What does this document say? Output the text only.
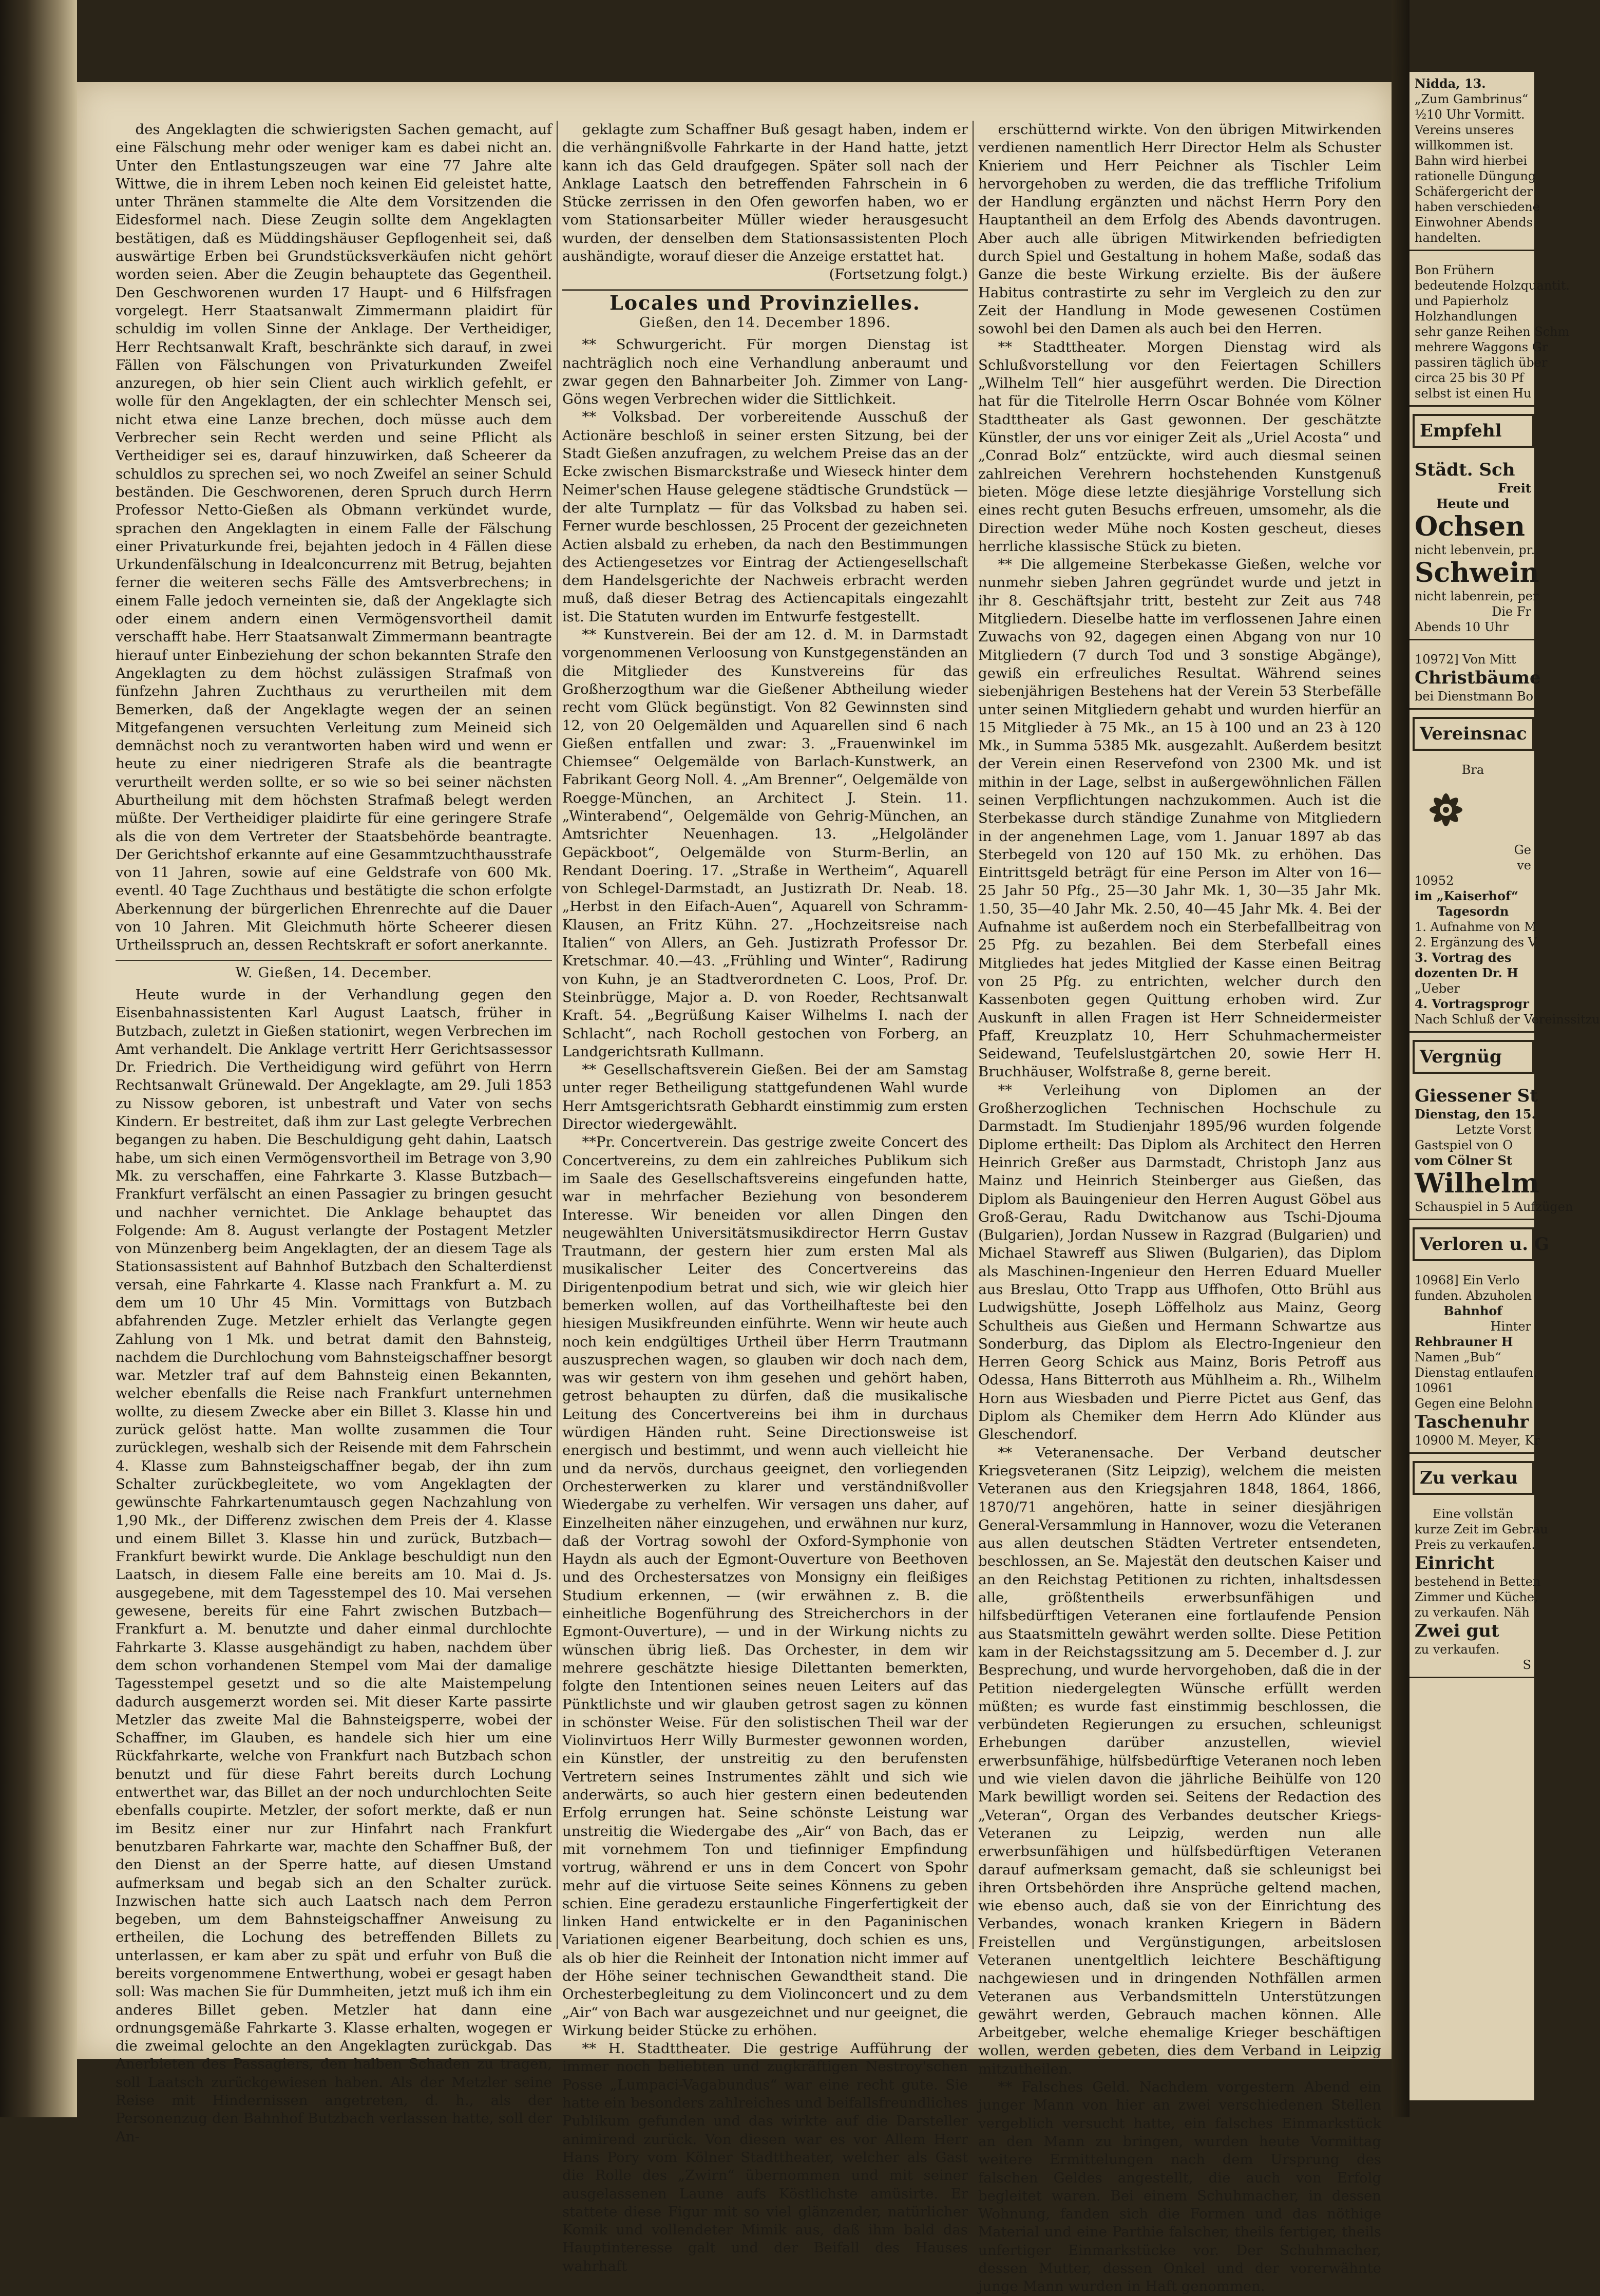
des Angeklagten die schwierigsten Sachen gemacht, auf eine Fälschung mehr oder weniger kam es dabei nicht an. Unter den Entlastungszeugen war eine 77 Jahre alte Wittwe, die in ihrem Leben noch keinen Eid geleistet hatte, unter Thränen stammelte die Alte dem Vorsitzenden die Eidesformel nach. Diese Zeugin sollte dem Angeklagten bestätigen, daß es Müddingshäuser Gepflogenheit sei, daß auswärtige Erben bei Grundstücksverkäufen nicht gehört worden seien. Aber die Zeugin behauptete das Gegentheil. Den Geschworenen wurden 17 Haupt- und 6 Hilfsfragen vorgelegt. Herr Staatsanwalt Zimmermann plaidirt für schuldig im vollen Sinne der Anklage. Der Vertheidiger, Herr Rechtsanwalt Kraft, beschränkte sich darauf, in zwei Fällen von Fälschungen von Privaturkunden Zweifel anzuregen, ob hier sein Client auch wirklich gefehlt, er wolle für den Angeklagten, der ein schlechter Mensch sei, nicht etwa eine Lanze brechen, doch müsse auch dem Verbrecher sein Recht werden und seine Pflicht als Vertheidiger sei es, darauf hinzuwirken, daß Scheerer da schuldlos zu sprechen sei, wo noch Zweifel an seiner Schuld beständen. Die Geschworenen, deren Spruch durch Herrn Professor Netto-Gießen als Obmann verkündet wurde, sprachen den Angeklagten in einem Falle der Fälschung einer Privaturkunde frei, bejahten jedoch in 4 Fällen diese Urkundenfälschung in Idealconcurrenz mit Betrug, bejahten ferner die weiteren sechs Fälle des Amtsverbrechens; in einem Falle jedoch verneinten sie, daß der Angeklagte sich oder einem andern einen Vermögensvortheil damit verschafft habe. Herr Staatsanwalt Zimmermann beantragte hierauf unter Einbeziehung der schon bekannten Strafe den Angeklagten zu dem höchst zulässigen Strafmaß von fünfzehn Jahren Zuchthaus zu verurtheilen mit dem Bemerken, daß der Angeklagte wegen der an seinen Mitgefangenen versuchten Verleitung zum Meineid sich demnächst noch zu verantworten haben wird und wenn er heute zu einer niedrigeren Strafe als die beantragte verurtheilt werden sollte, er so wie so bei seiner nächsten Aburtheilung mit dem höchsten Strafmaß belegt werden müßte. Der Vertheidiger plaidirte für eine geringere Strafe als die von dem Vertreter der Staatsbehörde beantragte. Der Gerichtshof erkannte auf eine Gesammtzuchthausstrafe von 11 Jahren, sowie auf eine Geldstrafe von 600 Mk. eventl. 40 Tage Zuchthaus und bestätigte die schon erfolgte Aberkennung der bürgerlichen Ehrenrechte auf die Dauer von 10 Jahren. Mit Gleichmuth hörte Scheerer diesen Urtheilsspruch an, dessen Rechtskraft er sofort anerkannte.

W. Gießen, 14. December.

Heute wurde in der Verhandlung gegen den Eisenbahnassistenten Karl August Laatsch, früher in Butzbach, zuletzt in Gießen stationirt, wegen Verbrechen im Amt verhandelt. Die Anklage vertritt Herr Gerichtsassessor Dr. Friedrich. Die Vertheidigung wird geführt von Herrn Rechtsanwalt Grünewald. Der Angeklagte, am 29. Juli 1853 zu Nissow geboren, ist unbestraft und Vater von sechs Kindern. Er bestreitet, daß ihm zur Last gelegte Verbrechen begangen zu haben. Die Beschuldigung geht dahin, Laatsch habe, um sich einen Vermögensvortheil im Betrage von 3,90 Mk. zu verschaffen, eine Fahrkarte 3. Klasse Butzbach—Frankfurt verfälscht an einen Passagier zu bringen gesucht und nachher vernichtet. Die Anklage behauptet das Folgende: Am 8. August verlangte der Postagent Metzler von Münzenberg beim Angeklagten, der an diesem Tage als Stationsassistent auf Bahnhof Butzbach den Schalterdienst versah, eine Fahrkarte 4. Klasse nach Frankfurt a. M. zu dem um 10 Uhr 45 Min. Vormittags von Butzbach abfahrenden Zuge. Metzler erhielt das Verlangte gegen Zahlung von 1 Mk. und betrat damit den Bahnsteig, nachdem die Durchlochung vom Bahnsteigschaffner besorgt war. Metzler traf auf dem Bahnsteig einen Bekannten, welcher ebenfalls die Reise nach Frankfurt unternehmen wollte, zu diesem Zwecke aber ein Billet 3. Klasse hin und zurück gelöst hatte. Man wollte zusammen die Tour zurücklegen, weshalb sich der Reisende mit dem Fahrschein 4. Klasse zum Bahnsteigschaffner begab, der ihn zum Schalter zurückbegleitete, wo vom Angeklagten der gewünschte Fahrkartenumtausch gegen Nachzahlung von 1,90 Mk., der Differenz zwischen dem Preis der 4. Klasse und einem Billet 3. Klasse hin und zurück, Butzbach—Frankfurt bewirkt wurde. Die Anklage beschuldigt nun den Laatsch, in diesem Falle eine bereits am 10. Mai d. Js. ausgegebene, mit dem Tagesstempel des 10. Mai versehen gewesene, bereits für eine Fahrt zwischen Butzbach—Frankfurt a. M. benutzte und daher einmal durchlochte Fahrkarte 3. Klasse ausgehändigt zu haben, nachdem über dem schon vorhandenen Stempel vom Mai der damalige Tagesstempel gesetzt und so die alte Maistempelung dadurch ausgemerzt worden sei. Mit dieser Karte passirte Metzler das zweite Mal die Bahnsteigsperre, wobei der Schaffner, im Glauben, es handele sich hier um eine Rückfahrkarte, welche von Frankfurt nach Butzbach schon benutzt und für diese Fahrt bereits durch Lochung entwerthet war, das Billet an der noch undurchlochten Seite ebenfalls coupirte. Metzler, der sofort merkte, daß er nun im Besitz einer nur zur Hinfahrt nach Frankfurt benutzbaren Fahrkarte war, machte den Schaffner Buß, der den Dienst an der Sperre hatte, auf diesen Umstand aufmerksam und begab sich an den Schalter zurück. Inzwischen hatte sich auch Laatsch nach dem Perron begeben, um dem Bahnsteigschaffner Anweisung zu ertheilen, die Lochung des betreffenden Billets zu unterlassen, er kam aber zu spät und erfuhr von Buß die bereits vorgenommene Entwerthung, wobei er gesagt haben soll: Was machen Sie für Dummheiten, jetzt muß ich ihm ein anderes Billet geben. Metzler hat dann eine ordnungsgemäße Fahrkarte 3. Klasse erhalten, wogegen er die zweimal gelochte an den Angeklagten zurückgab. Das Anerbieten des Passagiers, den halben Schaden zu tragen, soll Laatsch zurückgewiesen haben. Als der Metzler seine Reise mit Hindernissen angetreten, d. h., als der Personenzug den Bahnhof Butzbach verlassen hatte, soll der An-

geklagte zum Schaffner Buß gesagt haben, indem er die verhängnißvolle Fahrkarte in der Hand hatte, jetzt kann ich das Geld draufgegen. Später soll nach der Anklage Laatsch den betreffenden Fahrschein in 6 Stücke zerrissen in den Ofen geworfen haben, wo er vom Stationsarbeiter Müller wieder herausgesucht wurden, der denselben dem Stationsassistenten Ploch aushändigte, worauf dieser die Anzeige erstattet hat.

(Fortsetzung folgt.)

Locales und Provinzielles.

Gießen, den 14. December 1896.

** Schwurgericht. Für morgen Dienstag ist nachträglich noch eine Verhandlung anberaumt und zwar gegen den Bahnarbeiter Joh. Zimmer von Lang-Göns wegen Verbrechen wider die Sittlichkeit.

** Volksbad. Der vorbereitende Ausschuß der Actionäre beschloß in seiner ersten Sitzung, bei der Stadt Gießen anzufragen, zu welchem Preise das an der Ecke zwischen Bismarckstraße und Wieseck hinter dem Neimer'schen Hause gelegene städtische Grundstück — der alte Turnplatz — für das Volksbad zu haben sei. Ferner wurde beschlossen, 25 Procent der gezeichneten Actien alsbald zu erheben, da nach den Bestimmungen des Actiengesetzes vor Eintrag der Actiengesellschaft dem Handelsgerichte der Nachweis erbracht werden muß, daß dieser Betrag des Actiencapitals eingezahlt ist. Die Statuten wurden im Entwurfe festgestellt.

** Kunstverein. Bei der am 12. d. M. in Darmstadt vorgenommenen Verloosung von Kunstgegenständen an die Mitglieder des Kunstvereins für das Großherzogthum war die Gießener Abtheilung wieder recht vom Glück begünstigt. Von 82 Gewinnsten sind 12, von 20 Oelgemälden und Aquarellen sind 6 nach Gießen entfallen und zwar: 3. „Frauenwinkel im Chiemsee“ Oelgemälde von Barlach-Kunstwerk, an Fabrikant Georg Noll. 4. „Am Brenner“, Oelgemälde von Roegge-München, an Architect J. Stein. 11. „Winterabend“, Oelgemälde von Gehrig-München, an Amtsrichter Neuenhagen. 13. „Helgoländer Gepäckboot“, Oelgemälde von Sturm-Berlin, an Rendant Doering. 17. „Straße in Wertheim“, Aquarell von Schlegel-Darmstadt, an Justizrath Dr. Neab. 18. „Herbst in den Eifach-Auen“, Aquarell von Schramm-Klausen, an Fritz Kühn. 27. „Hochzeitsreise nach Italien“ von Allers, an Geh. Justizrath Professor Dr. Kretschmar. 40.—43. „Frühling und Winter“, Radirung von Kuhn, je an Stadtverordneten C. Loos, Prof. Dr. Steinbrügge, Major a. D. von Roeder, Rechtsanwalt Kraft. 54. „Begrüßung Kaiser Wilhelms I. nach der Schlacht“, nach Rocholl gestochen von Forberg, an Landgerichtsrath Kullmann.

** Gesellschaftsverein Gießen. Bei der am Samstag unter reger Betheiligung stattgefundenen Wahl wurde Herr Amtsgerichtsrath Gebhardt einstimmig zum ersten Director wiedergewählt.

**Pr. Concertverein. Das gestrige zweite Concert des Concertvereins, zu dem ein zahlreiches Publikum sich im Saale des Gesellschaftsvereins eingefunden hatte, war in mehrfacher Beziehung von besonderem Interesse. Wir beneiden vor allen Dingen den neugewählten Universitätsmusikdirector Herrn Gustav Trautmann, der gestern hier zum ersten Mal als musikalischer Leiter des Concertvereins das Dirigentenpodium betrat und sich, wie wir gleich hier bemerken wollen, auf das Vortheilhafteste bei den hiesigen Musikfreunden einführte. Wenn wir heute auch noch kein endgültiges Urtheil über Herrn Trautmann auszusprechen wagen, so glauben wir doch nach dem, was wir gestern von ihm gesehen und gehört haben, getrost behaupten zu dürfen, daß die musikalische Leitung des Concertvereins bei ihm in durchaus würdigen Händen ruht. Seine Directionsweise ist energisch und bestimmt, und wenn auch vielleicht hie und da nervös, durchaus geeignet, den vorliegenden Orchesterwerken zu klarer und verständnißvoller Wiedergabe zu verhelfen. Wir versagen uns daher, auf Einzelheiten näher einzugehen, und erwähnen nur kurz, daß der Vortrag sowohl der Oxford-Symphonie von Haydn als auch der Egmont-Ouverture von Beethoven und des Orchestersatzes von Monsigny ein fleißiges Studium erkennen, — (wir erwähnen z. B. die einheitliche Bogenführung des Streicherchors in der Egmont-Ouverture), — und in der Wirkung nichts zu wünschen übrig ließ. Das Orchester, in dem wir mehrere geschätzte hiesige Dilettanten bemerkten, folgte den Intentionen seines neuen Leiters auf das Pünktlichste und wir glauben getrost sagen zu können in schönster Weise. Für den solistischen Theil war der Violinvirtuos Herr Willy Burmester gewonnen worden, ein Künstler, der unstreitig zu den berufensten Vertretern seines Instrumentes zählt und sich wie anderwärts, so auch hier gestern einen bedeutenden Erfolg errungen hat. Seine schönste Leistung war unstreitig die Wiedergabe des „Air“ von Bach, das er mit vornehmem Ton und tiefinniger Empfindung vortrug, während er uns in dem Concert von Spohr mehr auf die virtuose Seite seines Könnens zu geben schien. Eine geradezu erstaunliche Fingerfertigkeit der linken Hand entwickelte er in den Paganinischen Variationen eigener Bearbeitung, doch schien es uns, als ob hier die Reinheit der Intonation nicht immer auf der Höhe seiner technischen Gewandtheit stand. Die Orchesterbegleitung zu dem Violinconcert und zu dem „Air“ von Bach war ausgezeichnet und nur geeignet, die Wirkung beider Stücke zu erhöhen.

** H. Stadttheater. Die gestrige Aufführung der immer noch beliebten und zugkräftigen Nestroy'schen Posse „Lumpaci-Vagabundus“ war eine recht gute. Sie hatte ein besonders zahlreiches und beifallsfreundliches Publikum gefunden und das wirkte auf die Darsteller animirend zurück. Von diesen war es vor Allem Herr Hans Pory vom Kölner Stadttheater, welcher als Gast die Rolle des „Zwirn“ übernommen und mit seiner ausgelassenen Laune aufs Köstlichste amüsirte. Er stattete diese Figur mit so viel glänzender, natürlicher Komik und vollendeter Mimik aus, daß ihm bald das Hauptinteresse galt und der Beifall des Hauses wahrhaft

erschütternd wirkte. Von den übrigen Mitwirkenden verdienen namentlich Herr Director Helm als Schuster Knieriem und Herr Peichner als Tischler Leim hervorgehoben zu werden, die das treffliche Trifolium der Handlung ergänzten und nächst Herrn Pory den Hauptantheil an dem Erfolg des Abends davontrugen. Aber auch alle übrigen Mitwirkenden befriedigten durch Spiel und Gestaltung in hohem Maße, sodaß das Ganze die beste Wirkung erzielte. Bis der äußere Habitus contrastirte zu sehr im Vergleich zu den zur Zeit der Handlung in Mode gewesenen Costümen sowohl bei den Damen als auch bei den Herren.

** Stadttheater. Morgen Dienstag wird als Schlußvorstellung vor den Feiertagen Schillers „Wilhelm Tell“ hier ausgeführt werden. Die Direction hat für die Titelrolle Herrn Oscar Bohnée vom Kölner Stadttheater als Gast gewonnen. Der geschätzte Künstler, der uns vor einiger Zeit als „Uriel Acosta“ und „Conrad Bolz“ entzückte, wird auch diesmal seinen zahlreichen Verehrern hochstehenden Kunstgenuß bieten. Möge diese letzte diesjährige Vorstellung sich eines recht guten Besuchs erfreuen, umsomehr, als die Direction weder Mühe noch Kosten gescheut, dieses herrliche klassische Stück zu bieten.

** Die allgemeine Sterbekasse Gießen, welche vor nunmehr sieben Jahren gegründet wurde und jetzt in ihr 8. Geschäftsjahr tritt, besteht zur Zeit aus 748 Mitgliedern. Dieselbe hatte im verflossenen Jahre einen Zuwachs von 92, dagegen einen Abgang von nur 10 Mitgliedern (7 durch Tod und 3 sonstige Abgänge), gewiß ein erfreuliches Resultat. Während seines siebenjährigen Bestehens hat der Verein 53 Sterbefälle unter seinen Mitgliedern gehabt und wurden hierfür an 15 Mitglieder à 75 Mk., an 15 à 100 und an 23 à 120 Mk., in Summa 5385 Mk. ausgezahlt. Außerdem besitzt der Verein einen Reservefond von 2300 Mk. und ist mithin in der Lage, selbst in außergewöhnlichen Fällen seinen Verpflichtungen nachzukommen. Auch ist die Sterbekasse durch ständige Zunahme von Mitgliedern in der angenehmen Lage, vom 1. Januar 1897 ab das Sterbegeld von 120 auf 150 Mk. zu erhöhen. Das Eintrittsgeld beträgt für eine Person im Alter von 16—25 Jahr 50 Pfg., 25—30 Jahr Mk. 1, 30—35 Jahr Mk. 1.50, 35—40 Jahr Mk. 2.50, 40—45 Jahr Mk. 4. Bei der Aufnahme ist außerdem noch ein Sterbefallbeitrag von 25 Pfg. zu bezahlen. Bei dem Sterbefall eines Mitgliedes hat jedes Mitglied der Kasse einen Beitrag von 25 Pfg. zu entrichten, welcher durch den Kassenboten gegen Quittung erhoben wird. Zur Auskunft in allen Fragen ist Herr Schneidermeister Pfaff, Kreuzplatz 10, Herr Schuhmachermeister Seidewand, Teufelslustgärtchen 20, sowie Herr H. Bruchhäuser, Wolfstraße 8, gerne bereit.

** Verleihung von Diplomen an der Großherzoglichen Technischen Hochschule zu Darmstadt. Im Studienjahr 1895/96 wurden folgende Diplome ertheilt: Das Diplom als Architect den Herren Heinrich Greßer aus Darmstadt, Christoph Janz aus Mainz und Heinrich Steinberger aus Gießen, das Diplom als Bauingenieur den Herren August Göbel aus Groß-Gerau, Radu Dwitchanow aus Tschi-Djouma (Bulgarien), Jordan Nussew in Razgrad (Bulgarien) und Michael Stawreff aus Sliwen (Bulgarien), das Diplom als Maschinen-Ingenieur den Herren Eduard Mueller aus Breslau, Otto Trapp aus Uffhofen, Otto Brühl aus Ludwigshütte, Joseph Löffelholz aus Mainz, Georg Schultheis aus Gießen und Hermann Schwartze aus Sonderburg, das Diplom als Electro-Ingenieur den Herren Georg Schick aus Mainz, Boris Petroff aus Odessa, Hans Bitterroth aus Mühlheim a. Rh., Wilhelm Horn aus Wiesbaden und Pierre Pictet aus Genf, das Diplom als Chemiker dem Herrn Ado Klünder aus Gleschendorf.

** Veteranensache. Der Verband deutscher Kriegsveteranen (Sitz Leipzig), welchem die meisten Veteranen aus den Kriegsjahren 1848, 1864, 1866, 1870/71 angehören, hatte in seiner diesjährigen General-Versammlung in Hannover, wozu die Veteranen aus allen deutschen Städten Vertreter entsendeten, beschlossen, an Se. Majestät den deutschen Kaiser und an den Reichstag Petitionen zu richten, inhaltsdessen alle, größtentheils erwerbsunfähigen und hilfsbedürftigen Veteranen eine fortlaufende Pension aus Staatsmitteln gewährt werden sollte. Diese Petition kam in der Reichstagssitzung am 5. December d. J. zur Besprechung, und wurde hervorgehoben, daß die in der Petition niedergelegten Wünsche erfüllt werden müßten; es wurde fast einstimmig beschlossen, die verbündeten Regierungen zu ersuchen, schleunigst Erhebungen darüber anzustellen, wieviel erwerbsunfähige, hülfsbedürftige Veteranen noch leben und wie vielen davon die jährliche Beihülfe von 120 Mark bewilligt worden sei. Seitens der Redaction des „Veteran“, Organ des Verbandes deutscher Kriegs-Veteranen zu Leipzig, werden nun alle erwerbsunfähigen und hülfsbedürftigen Veteranen darauf aufmerksam gemacht, daß sie schleunigst bei ihren Ortsbehörden ihre Ansprüche geltend machen, wie ebenso auch, daß sie von der Einrichtung des Verbandes, wonach kranken Kriegern in Bädern Freistellen und Vergünstigungen, arbeitslosen Veteranen unentgeltlich leichtere Beschäftigung nachgewiesen und in dringenden Nothfällen armen Veteranen aus Verbandsmitteln Unterstützungen gewährt werden, Gebrauch machen können. Alle Arbeitgeber, welche ehemalige Krieger beschäftigen wollen, werden gebeten, dies dem Verband in Leipzig mitzutheilen.

** Falsches Geld. Nachdem vorgestern Abend ein junger Mann von hier an zwei verschiedenen Stellen vergeblich versucht hatte, ein falsches Einmarkstück an den Mann zu bringen, wurden heute Vormittag weitere Ermittelungen nach dem Ursprung des falschen Geldes angestellt, die auch von Erfolg begleitet waren. Bei einem Schuhmacher, in dessen Wohnung, fanden sich die Formen und das nöthige Material und eine Parthie falscher, theils fertiger, theils unfertiger Einmarkstücke vor. Der Schuhmacher, dessen Mutter, dessen Onkel und der vorerwähnte junge Mann wurden in Haft genommen.

Nidda, 13.
„Zum Gambrinus“
½10 Uhr Vormitt.
Vereins unseres
willkommen ist.
Bahn wird hierbei
rationelle Düngung
Schäfergericht der
haben verschiedene
Einwohner Abends
handelten.
Bon Frühern
bedeutende Holzquantit.
und Papierholz
Holzhandlungen
sehr ganze Reihen Schm
mehrere Waggons Gr
passiren täglich über
circa 25 bis 30 Pf
selbst ist einen Hu
Empfehl
Städt. Sch
Freit
Heute und
Ochsen
nicht lebenvein, pr.
Schwein
nicht labenrein, per
Die Fr
Abends 10 Uhr
10972] Von Mitt
Christbäume
bei Dienstmann Bo
Vereinsnac
Bra
Ge
ve
10952
im „Kaiserhof“
Tagesordn
1. Aufnahme von M
2. Ergänzung des V
3. Vortrag des
dozenten Dr. H
„Ueber
4. Vortragsprogr
Nach Schluß der Vereinssitzu
Vergnüg
Giessener St
Dienstag, den 15.
Letzte Vorst
Gastspiel von O
vom Cölner St
Wilhelm
Schauspiel in 5 Aufzügen
Verloren u. G
10968] Ein Verlo
funden. Abzuholen
Bahnhof
Hinter
Rehbrauner H
Namen „Bub“
Dienstag entlaufen.
10961
Gegen eine Belohn
Taschenuhr
10900 M. Meyer, Kr
Zu verkau
Eine vollstän
kurze Zeit im Gebrau
Preis zu verkaufen.
Einricht
bestehend in Betten
Zimmer und Küche,
zu verkaufen. Näh
Zwei gut
zu verkaufen.
S
